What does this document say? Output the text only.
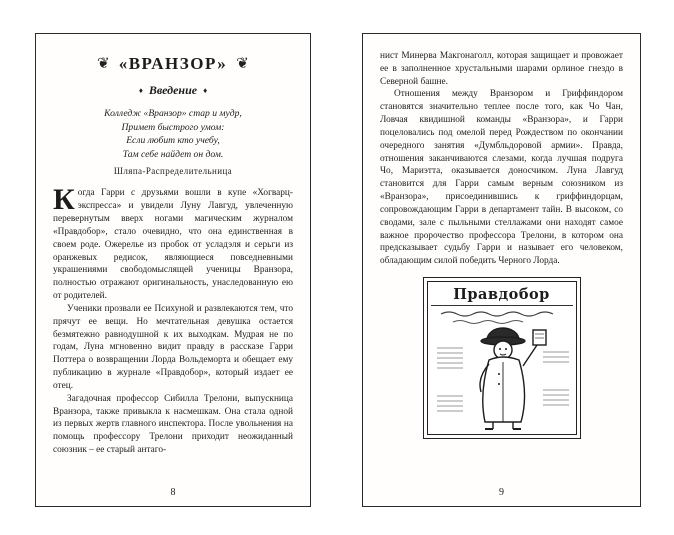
❦ «ВРАНЗОР» ❦
♦ Введение ♦
Колледж «Вранзор» стар и мудр,
Примет быстрого умом:
Если любит кто учебу,
Там себе найдет он дом.
Шляпа-Распределительница

Когда Гарри с друзьями вошли в купе «Хогварц-экспресса» и увидели Луну Лавгуд, увлеченную перевернутым вверх ногами магическим журналом «Правдобор», стало очевидно, что она единственная в своем роде. Ожерелье из пробок от усладэля и серьги из оранжевых редисок, являющиеся повседневными украшениями свободомыслящей ученицы Вранзора, полностью отражают оригинальность, унаследованную ею от родителей.

Ученики прозвали ее Психуной и развлекаются тем, что прячут ее вещи. Но мечтательная девушка остается безмятежно равнодушной к их выходкам. Мудрая не по годам, Луна мгновенно видит правду в рассказе Гарри Поттера о возвращении Лорда Вольдеморта и обещает ему публикацию в журнале «Правдобор», который издает ее отец.

Загадочная профессор Сибилла Трелони, выпускница Вранзора, также привыкла к насмешкам. Она стала одной из первых жертв главного инспектора. После увольнения на помощь профессору Трелони приходит неожиданный союзник – ее старый антаго-

8

нист Минерва Макгонаголл, которая защищает и провожает ее в заполненное хрустальными шарами орлиное гнездо в Северной башне.

Отношения между Вранзором и Гриффиндором становятся значительно теплее после того, как Чо Чан, Ловчая квидишной команды «Вранзора», и Гарри поцеловались под омелой перед Рождеством по окончании очередного занятия «Думбльдоровой армии». Правда, отношения заканчиваются слезами, когда лучшая подруга Чо, Мариэтта, оказывается доносчиком. Луна Лавгуд становится для Гарри самым верным союзником из «Вранзора», присоединившись к гриффиндорцам, сопровождающим Гарри в департамент тайн. В высоком, со сводами, зале с пыльными стеллажами они находят самое важное пророчество профессора Трелони, в котором она предсказывает судьбу Гарри и называет его человеком, обладающим силой победить Черного Лорда.

Правдобор
9
